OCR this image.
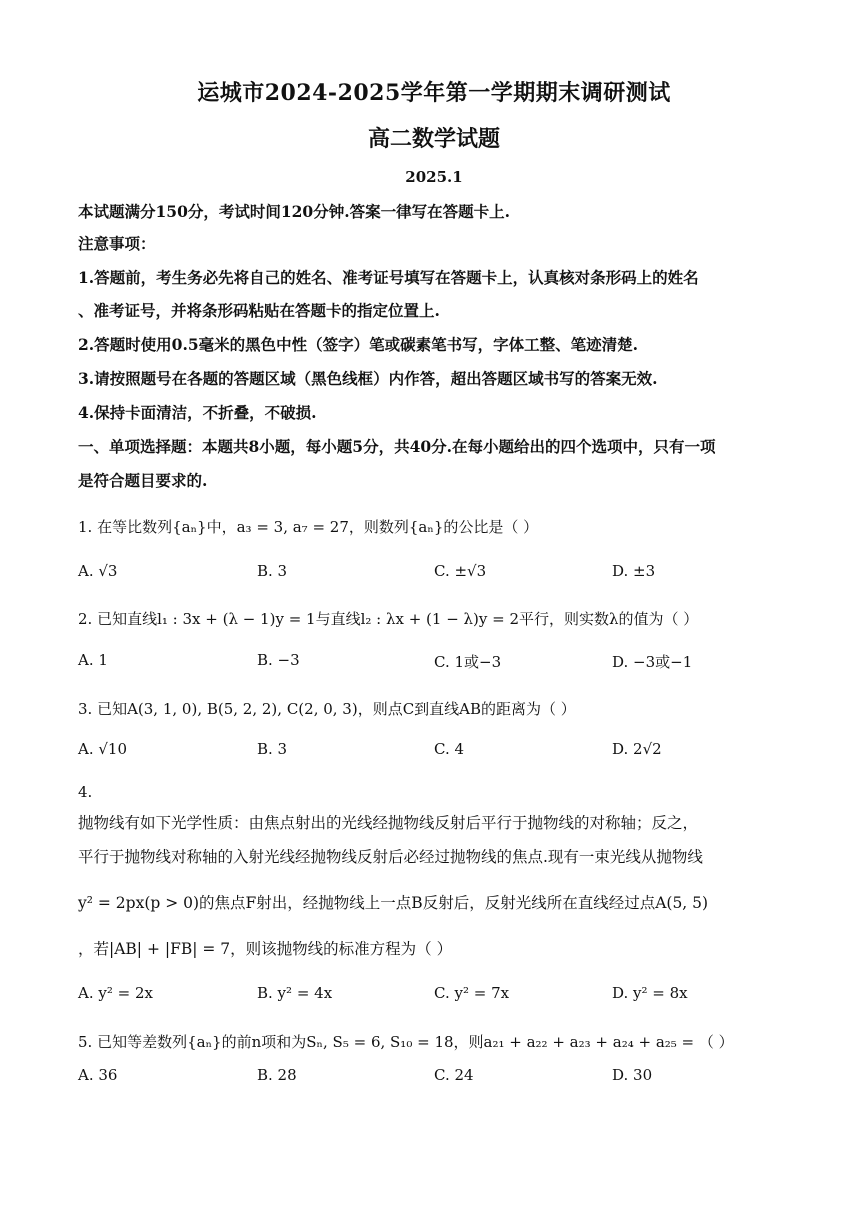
运城市2024-2025学年第一学期期末调研测试
高二数学试题
2025.1
本试题满分150分，考试时间120分钟.答案一律写在答题卡上.
注意事项：
1.答题前，考生务必先将自己的姓名、准考证号填写在答题卡上，认真核对条形码上的姓名
、准考证号，并将条形码粘贴在答题卡的指定位置上.
2.答题时使用0.5毫米的黑色中性（签字）笔或碳素笔书写，字体工整、笔迹清楚.
3.请按照题号在各题的答题区域（黑色线框）内作答，超出答题区域书写的答案无效.
4.保持卡面清洁，不折叠，不破损.
一、单项选择题：本题共8小题，每小题5分，共40分.在每小题给出的四个选项中，只有一项
是符合题目要求的.
1. 在等比数列{aₙ}中，a₃ = 3, a₇ = 27，则数列{aₙ}的公比是（ ）
A. √3	B. 3	C. ±√3	D. ±3
2. 已知直线l₁ : 3x + (λ − 1)y = 1与直线l₂ : λx + (1 − λ)y = 2平行，则实数λ的值为（ ）
A. 1	B. −3	C. 1或−3	D. −3或−1
3. 已知A(3, 1, 0), B(5, 2, 2), C(2, 0, 3)，则点C到直线AB的距离为（ ）
A. √10	B. 3	C. 4	D. 2√2
4.
抛物线有如下光学性质：由焦点射出的光线经抛物线反射后平行于抛物线的对称轴；反之，
平行于抛物线对称轴的入射光线经抛物线反射后必经过抛物线的焦点.现有一束光线从抛物线
y² = 2px(p > 0)的焦点F射出，经抛物线上一点B反射后，反射光线所在直线经过点A(5, 5)
，若|AB| + |FB| = 7，则该抛物线的标准方程为（ ）
A. y² = 2x	B. y² = 4x	C. y² = 7x	D. y² = 8x
5. 已知等差数列{aₙ}的前n项和为Sₙ, S₅ = 6, S₁₀ = 18，则a₂₁ + a₂₂ + a₂₃ + a₂₄ + a₂₅ = （ ）
A. 36	B. 28	C. 24	D. 30
